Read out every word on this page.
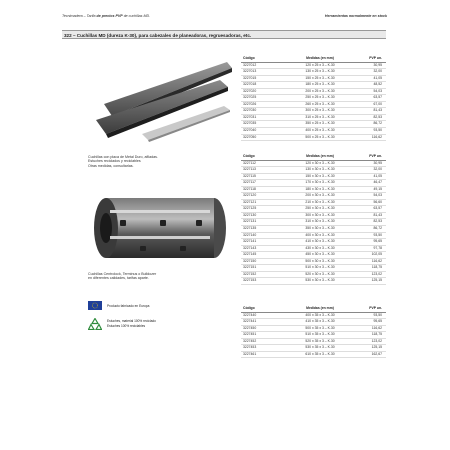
Tecnimadera – Tarifa de precios PVP de cuchillas MD.	Herramientas normalmente en stock
322 – Cuchillas MD (dureza K-30), para cabezales de planeadoras, regruesadoras, etc.
Cuchillas con placa de Metal Duro, afiladas.
Estuches reciclados y reciclables
Otras medidas, consultarlas.
Cuchillas Centrolock, Terminus o Bulldozer
en diferentes calidades, tarifas aparte.
Producto fabricado en Europa
Estuches, material 100% reciclado
Estuches 100% reciclables
Código	Medidas (en mm)	PVP un.
3227012	120 x 25 x 3 – K.30	30,95
3227013	130 x 25 x 3 – K.30	32,00
3227015	150 x 25 x 3 – K.30	41,05
3227018	180 x 25 x 3 – K.30	48,52
3227020	200 x 25 x 3 – K.30	54,03
3227025	250 x 25 x 3 – K.30	63,57
3227026	260 x 25 x 3 – K.30	67,00
3227030	300 x 25 x 3 – K.30	81,43
3227031	310 x 25 x 3 – K.30	82,53
3227035	350 x 25 x 3 – K.30	86,72
3227040	400 x 25 x 3 – K.30	93,50
3227050	500 x 25 x 3 – K.30	116,62
Código	Medidas (en mm)	PVP un.
3227112	120 x 30 x 3 – K.30	30,95
3227113	130 x 30 x 3 – K.30	32,00
3227115	150 x 30 x 3 – K.30	41,05
3227117	170 x 30 x 3 – K.30	46,47
3227118	180 x 30 x 3 – K.30	49,15
3227120	200 x 30 x 3 – K.30	54,03
3227121	210 x 30 x 3 – K.30	56,60
3227125	250 x 30 x 3 – K.30	63,57
3227130	300 x 30 x 3 – K.30	81,43
3227131	310 x 30 x 3 – K.30	82,53
3227135	350 x 30 x 3 – K.30	86,72
3227140	400 x 30 x 3 – K.30	93,50
3227141	410 x 30 x 3 – K.30	95,65
3227143	430 x 30 x 3 – K.30	97,78
3227145	450 x 30 x 3 – K.30	102,05
3227150	500 x 30 x 3 – K.30	116,62
3227151	510 x 30 x 3 – K.30	118,75
3227152	520 x 30 x 3 – K.30	123,02
3227153	530 x 30 x 3 – K.30	125,15
Código	Medidas (en mm)	PVP un.
3227440	400 x 35 x 3 – K.30	93,50
3227441	410 x 35 x 3 – K.30	95,65
3227450	500 x 35 x 3 – K.30	116,62
3227451	510 x 35 x 3 – K.30	118,75
3227452	520 x 35 x 3 – K.30	123,02
3227453	530 x 35 x 3 – K.30	125,15
3227461	610 x 35 x 3 – K.30	162,67
